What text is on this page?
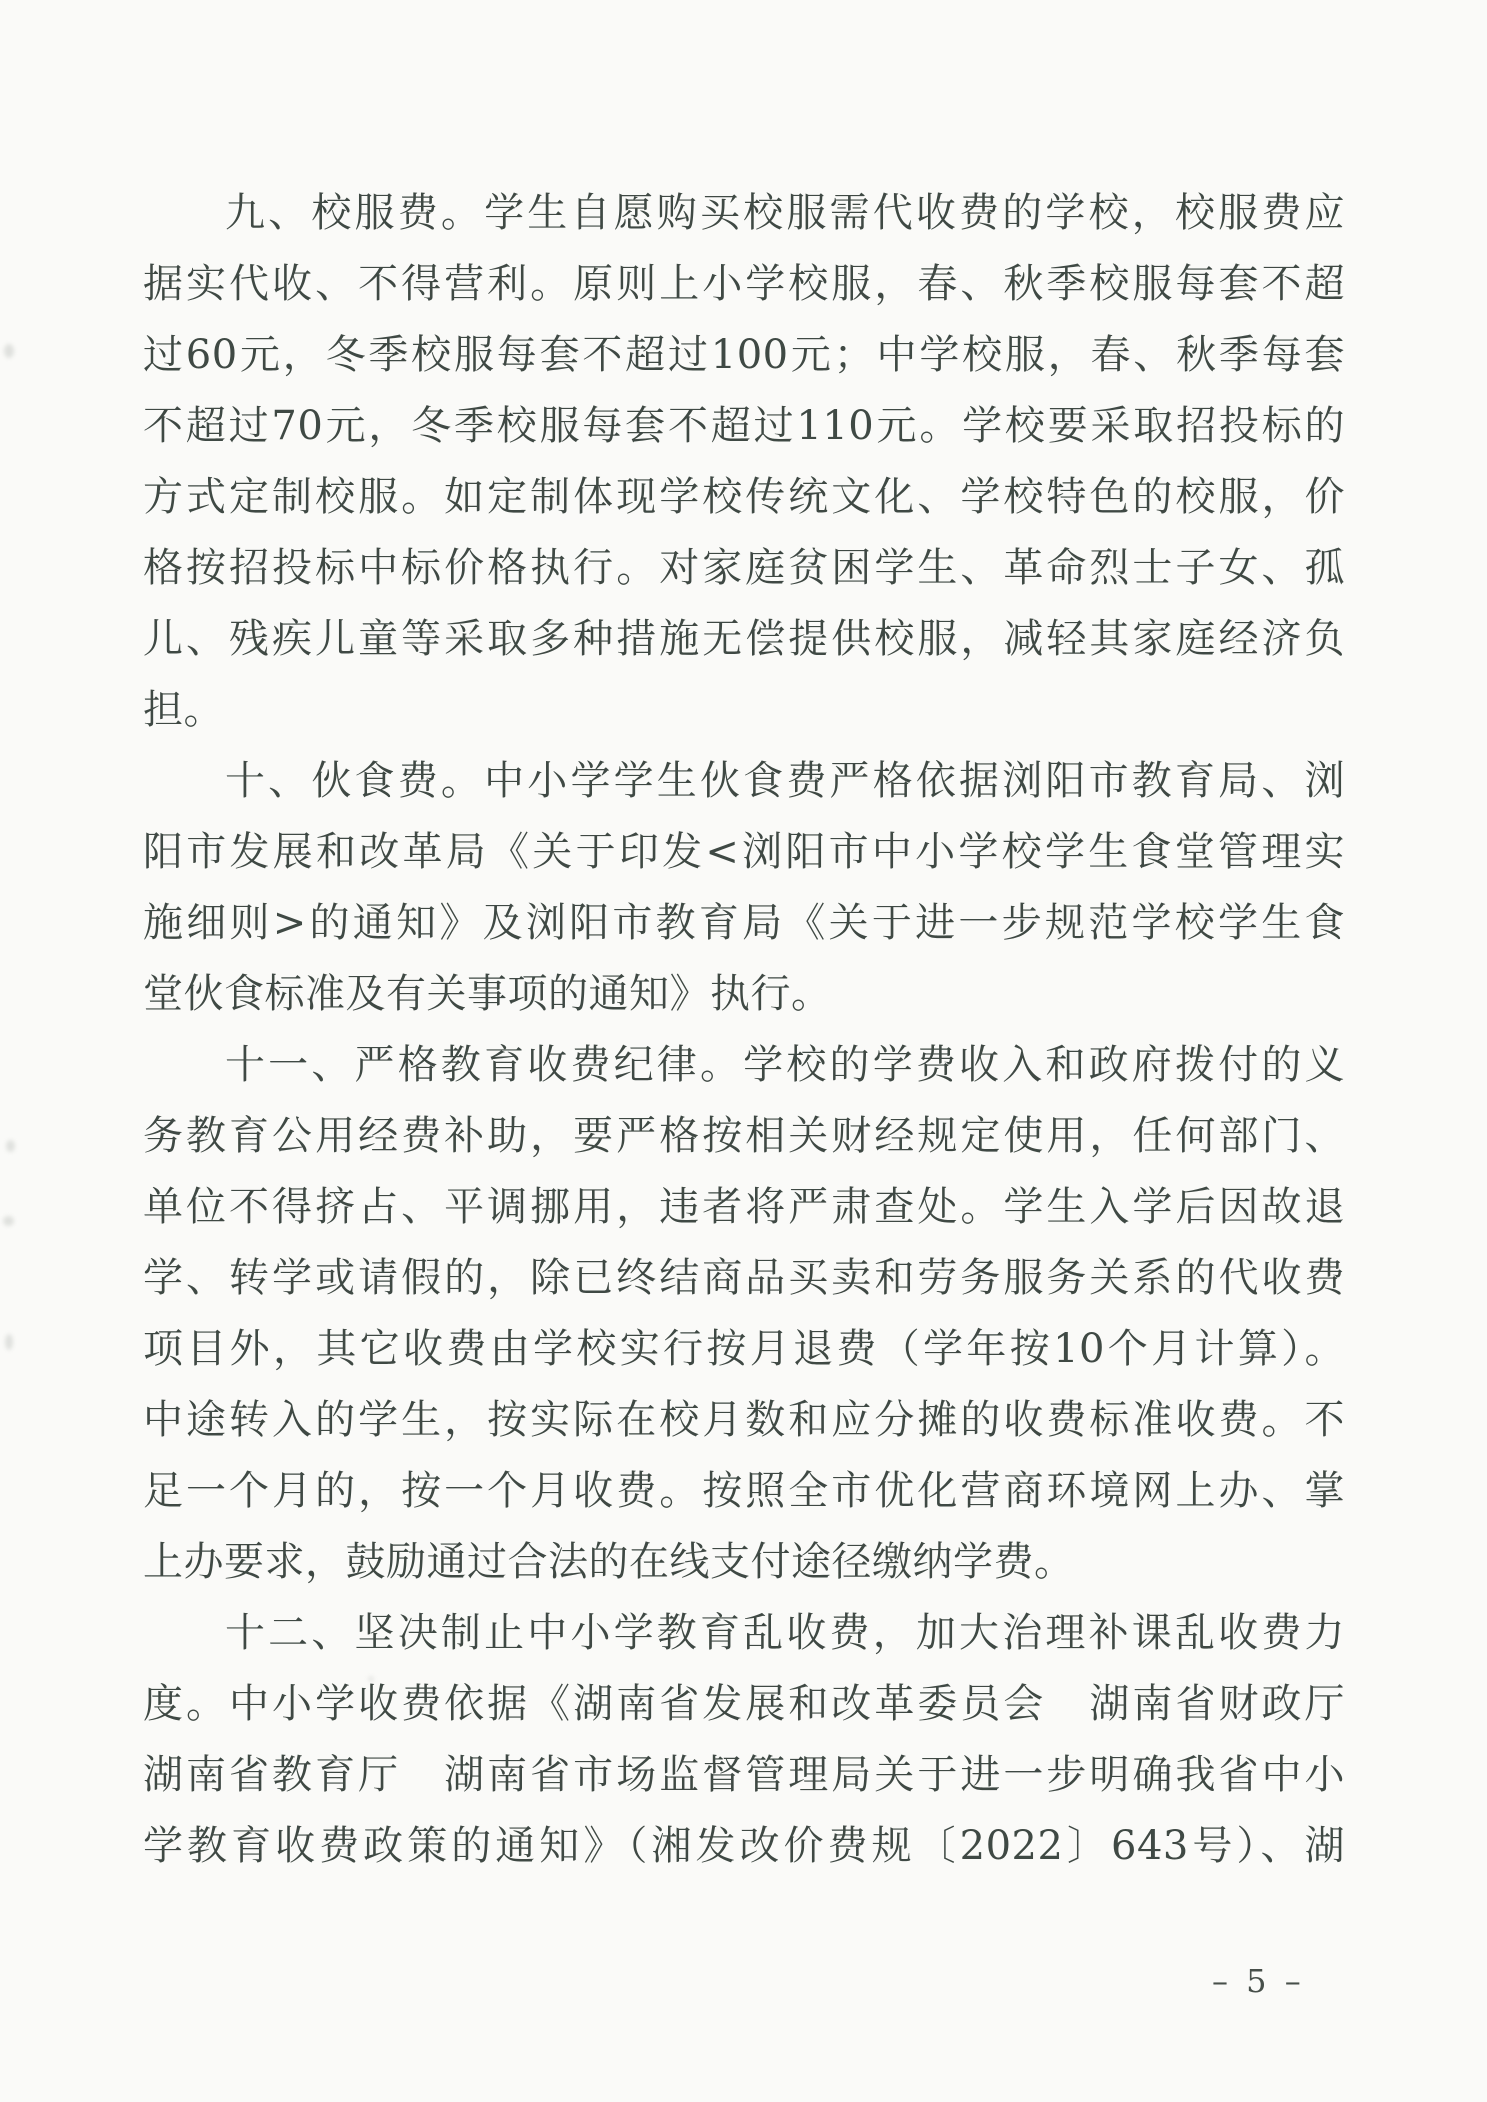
九、校服费。学生自愿购买校服需代收费的学校，校服费应
据实代收、不得营利。原则上小学校服，春、秋季校服每套不超
过60元，冬季校服每套不超过100元；中学校服，春、秋季每套
不超过70元，冬季校服每套不超过110元。学校要采取招投标的
方式定制校服。如定制体现学校传统文化、学校特色的校服，价
格按招投标中标价格执行。对家庭贫困学生、革命烈士子女、孤
儿、残疾儿童等采取多种措施无偿提供校服，减轻其家庭经济负
担。
十、伙食费。中小学学生伙食费严格依据浏阳市教育局、浏
阳市发展和改革局《关于印发<浏阳市中小学校学生食堂管理实
施细则>的通知》及浏阳市教育局《关于进一步规范学校学生食
堂伙食标准及有关事项的通知》执行。
十一、严格教育收费纪律。学校的学费收入和政府拨付的义
务教育公用经费补助，要严格按相关财经规定使用，任何部门、
单位不得挤占、平调挪用，违者将严肃查处。学生入学后因故退
学、转学或请假的，除已终结商品买卖和劳务服务关系的代收费
项目外，其它收费由学校实行按月退费（学年按10个月计算）。
中途转入的学生，按实际在校月数和应分摊的收费标准收费。不
足一个月的，按一个月收费。按照全市优化营商环境网上办、掌
上办要求，鼓励通过合法的在线支付途径缴纳学费。
十二、坚决制止中小学教育乱收费，加大治理补课乱收费力
度。中小学收费依据《湖南省发展和改革委员会　湖南省财政厅
湖南省教育厅　湖南省市场监督管理局关于进一步明确我省中小
学教育收费政策的通知》（湘发改价费规〔2022〕643号）、湖
– 5 –
